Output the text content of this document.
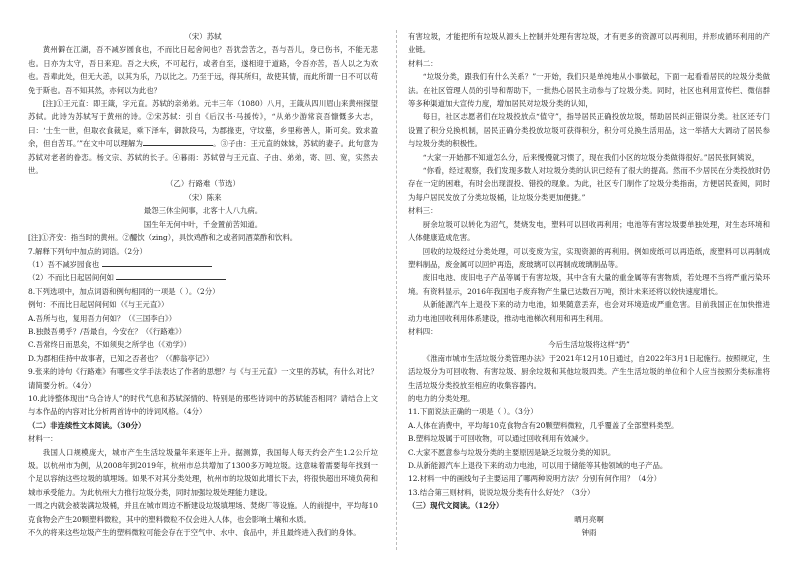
（宋）苏轼

黄州僻在江湖，吾不减岁圆食也，不而比日起舍间也？吾犹尝苦之，吾与吾儿，身已伤书，不能无悲也。日亦为太守，吾日来迎。吾之大疾，不可起行，或者自至，遂相迎于道路，令吾亦苦，吾人以之为欢也。吾辈此处，但无大恙，以其为乐，乃以比之。乃至于远，得其所归，故使其情，而此所谓一日不可以苟免于斯也。吾不知其然，亦何以为此也？

[注]①王元直：即王箴，字元直。苏轼的亲弟弟。元丰三年（1080）八月，王箴从四川眉山来黄州探望苏轼。此诗为苏轼写于黄州的诗。②宋苏轼：引自《后汉书·马援传》，“从弟少游常哀吾慷慨多大志，曰：‘士生一世，但取衣食裁足，乘下泽车，御款段马，为郡掾吏，守坟墓，乡里称善人，斯可矣。致求盈余，但自苦耳。’”在文中可以理解为	。③子由：王元直的妹妹，苏轼的妻子。此句意为苏轼对老者的眷恋。杨文宗、苏轼的长子。④暮雨：苏轼曾与王元直、子由、弟弟，寄、回、宽，实然去世。

（乙）行路难（节选）

（宋）陈来

最怨三休尘间事，北客十人八九病。

国生年无何中叶，千金置前苦知道。

[注]①齐安：指当时的黄州。②醵饮（zing），具饮鸡酢和之或者同酒菜酢和饮料。

7.解释下列句中加点的词语。（2分）

（1）吾不减岁园食也

（2）不而比日起居间何如

8.下列选项中，加点词语和例句相同的一项是（ ）。（2分）

例句：不而比日起居间何如（《与王元直》）

A.吾所与也，复用吾力何如？（《三国李白》）

B.独鼓吾勇乎？/吾最自，今安在？（《行路难》）

C.吾常终日而思矣，不如须臾之所学也（《劝学》）

D.为郡相佳持中故事者，已知之否者也？（《醉翁亭记》）

9.张来的诗句《行路难》有哪些文学手法表达了作者的思想？与《与王元直》一文里的苏轼，有什么对比？请简要分析。（4分）

10.此诗整体现出“乌合诗人”的时代气息和苏轼深情的、特别是的那些诗词中的苏轼能否相同？请结合上文与本作品的内容对比分析两首诗中的诗词风格。（4分）

（二）非连续性文本阅读。（30分）

材料一：

我国人口规模庞大，城市产生生活垃圾量年来逐年上升。据测算，我国每人每天约会产生1.2公斤垃圾。以杭州市为例，从2008年到2019年，杭州市总共增加了1300多万吨垃圾。这意味着需要每年找到一个足以容纳这些垃圾的填埋场。如果不对其分类处理，杭州市的垃圾如此增长下去，将很快超出环境负荷和城市承受能力。为此杭州大力推行垃圾分类，同时加强垃圾处理能力建设。

一周之内就会被装满垃圾桶，并且在城市周边不断建设垃圾填埋场、焚烧厂等设施。人的前提中，平均每10克食物会产生20颗塑料微粒，其中的塑料微粒不仅会进入人体，也会影响土壤和水质。

不久的将来这些垃圾产生的塑料微粒可能会存在于空气中、水中、食品中，并且最终进入我们的身体。

有害垃圾，才能把所有垃圾从源头上控制并处理有害垃圾，才有更多的资源可以再利用，并形成循环利用的产业链。

材料二：

“垃圾分类，跟我们有什么关系？”一开始，我们只是单纯地从小事做起，下面一起看看居民的垃圾分类做法。在社区管理人员的引导和帮助下，一批热心居民主动参与了垃圾分类。同时，社区也利用宣传栏、微信群等多种渠道加大宣传力度，增加居民对垃圾分类的认知，

每日，社区志愿者们在垃圾投放点“值守”，指导居民正确投放垃圾，帮助居民纠正错误分类。社区还专门设置了积分兑换机制，居民正确分类投放垃圾可获得积分，积分可兑换生活用品，这一举措大大调动了居民参与垃圾分类的积极性。

“大家一开始都不知道怎么分，后来慢慢就习惯了，现在我们小区的垃圾分类做得很好。”居民张阿姨说，

“你看，经过观察，我们发现多数人对垃圾分类的认识已经有了很大的提高。然而不少居民在分类投放时仍存在一定的困难，有时会出现混投、错投的现象。为此，社区专门制作了垃圾分类指南，方便居民查阅，同时为每户居民发放了分类垃圾桶，让垃圾分类更加便捷。”

材料三：

厨余垃圾可以转化为沼气，焚烧发电，塑料可以回收再利用；电池等有害垃圾要单独处理，对生态环境和人体健康造成危害。

回收的垃圾经过分类处理，可以变废为宝，实现资源的再利用。例如废纸可以再造纸，废塑料可以再制成塑料制品，废金属可以回炉再造，废玻璃可以再制成玻璃制品等。

废旧电池、废旧电子产品等属于有害垃圾，其中含有大量的重金属等有害物质，若处理不当将严重污染环境。有资料显示，2016年我国电子废弃物产生量已达数百万吨，预计未来还将以较快速度增长。

从新能源汽车上退役下来的动力电池，如果随意丢弃，也会对环境造成严重危害。目前我国正在加快推进动力电池回收利用体系建设，推动电池梯次利用和再生利用。

材料四：

今后生活垃圾将这样“扔”

《淮南市城市生活垃圾分类管理办法》于2021年12月10日通过，自2022年3月1日起施行。按照规定，生活垃圾分为可回收物、有害垃圾、厨余垃圾和其他垃圾四类。产生生活垃圾的单位和个人应当按照分类标准将生活垃圾分类投放至相应的收集容器内。

的电力的分类处理。

11.下面说法正确的一项是（ ）。（3分）

A.人体在消费中，平均每10克食物含有20颗塑料微粒，几乎覆盖了全部塑料类型。

B.塑料垃圾属于可回收物，可以通过回收利用有效减少。

C.大家不愿意参与垃圾分类的主要原因是缺乏垃圾分类的知识。

D.从新能源汽车上退役下来的动力电池，可以用于储能等其他领域的电子产品。

12.材料一中的画线句子主要运用了哪两种说明方法？分别有何作用？（4分）

13.结合第三则材料，说说垃圾分类有什么好处？（3分）

（三）现代文阅读。（12分）

晒月亮啊

钟雨
